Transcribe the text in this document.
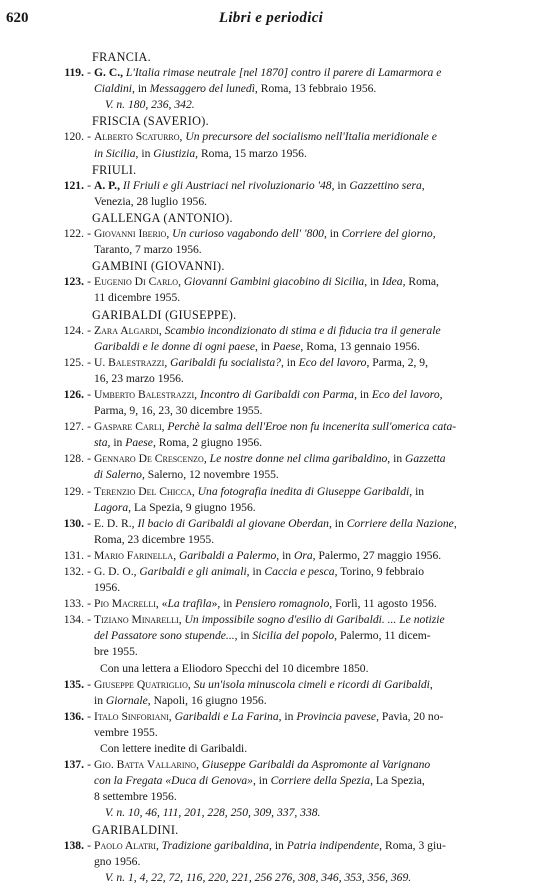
620	Libri e periodici
FRANCIA.
119. - G. C., L'Italia rimase neutrale [nel 1870] contro il parere di Lamarmora e
Cialdini, in Messaggero del lunedì, Roma, 13 febbraio 1956.
V. n. 180, 236, 342.
FRISCIA (SAVERIO).
120. - Alberto Scaturro, Un precursore del socialismo nell'Italia meridionale e
in Sicilia, in Giustizia, Roma, 15 marzo 1956.
FRIULI.
121. - A. P., Il Friuli e gli Austriaci nel rivoluzionario '48, in Gazzettino sera,
Venezia, 28 luglio 1956.
GALLENGA (ANTONIO).
122. - Giovanni Iberio, Un curioso vagabondo dell' '800, in Corriere del giorno,
Taranto, 7 marzo 1956.
GAMBINI (GIOVANNI).
123. - Eugenio Di Carlo, Giovanni Gambini giacobino di Sicilia, in Idea, Roma,
11 dicembre 1955.
GARIBALDI (GIUSEPPE).
124. - Zara Algardi, Scambio incondizionato di stima e di fiducia tra il generale
Garibaldi e le donne di ogni paese, in Paese, Roma, 13 gennaio 1956.
125. - U. Balestrazzi, Garibaldi fu socialista?, in Eco del lavoro, Parma, 2, 9,
16, 23 marzo 1956.
126. - Umberto Balestrazzi, Incontro di Garibaldi con Parma, in Eco del lavoro,
Parma, 9, 16, 23, 30 dicembre 1955.
127. - Gaspare Carli, Perchè la salma dell'Eroe non fu incenerita sull'omerica cata-
sta, in Paese, Roma, 2 giugno 1956.
128. - Gennaro De Crescenzo, Le nostre donne nel clima garibaldino, in Gazzetta
di Salerno, Salerno, 12 novembre 1955.
129. - Terenzio Del Chicca, Una fotografia inedita di Giuseppe Garibaldi, in
Lagora, La Spezia, 9 giugno 1956.
130. - E. D. R., Il bacio di Garibaldi al giovane Oberdan, in Corriere della Nazione,
Roma, 23 dicembre 1955.
131. - Mario Farinella, Garibaldi a Palermo, in Ora, Palermo, 27 maggio 1956.
132. - G. D. O., Garibaldi e gli animali, in Caccia e pesca, Torino, 9 febbraio
1956.
133. - Pio Macrelli, «La trafila», in Pensiero romagnolo, Forlì, 11 agosto 1956.
134. - Tiziano Minarelli, Un impossibile sogno d'esilio di Garibaldi. ... Le notizie
del Passatore sono stupende..., in Sicilia del popolo, Palermo, 11 dicem-
bre 1955.
Con una lettera a Eliodoro Specchi del 10 dicembre 1850.
135. - Giuseppe Quatriglio, Su un'isola minuscola cimeli e ricordi di Garibaldi,
in Giornale, Napoli, 16 giugno 1956.
136. - Italo Sinforiani, Garibaldi e La Farina, in Provincia pavese, Pavia, 20 no-
vembre 1955.
Con lettere inedite di Garibaldi.
137. - Gio. Batta Vallarino, Giuseppe Garibaldi da Aspromonte al Varignano
con la Fregata «Duca di Genova», in Corriere della Spezia, La Spezia,
8 settembre 1956.
V. n. 10, 46, 111, 201, 228, 250, 309, 337, 338.
GARIBALDINI.
138. - Paolo Alatri, Tradizione garibaldina, in Patria indipendente, Roma, 3 giu-
gno 1956.
V. n. 1, 4, 22, 72, 116, 220, 221, 256 276, 308, 346, 353, 356, 369.
